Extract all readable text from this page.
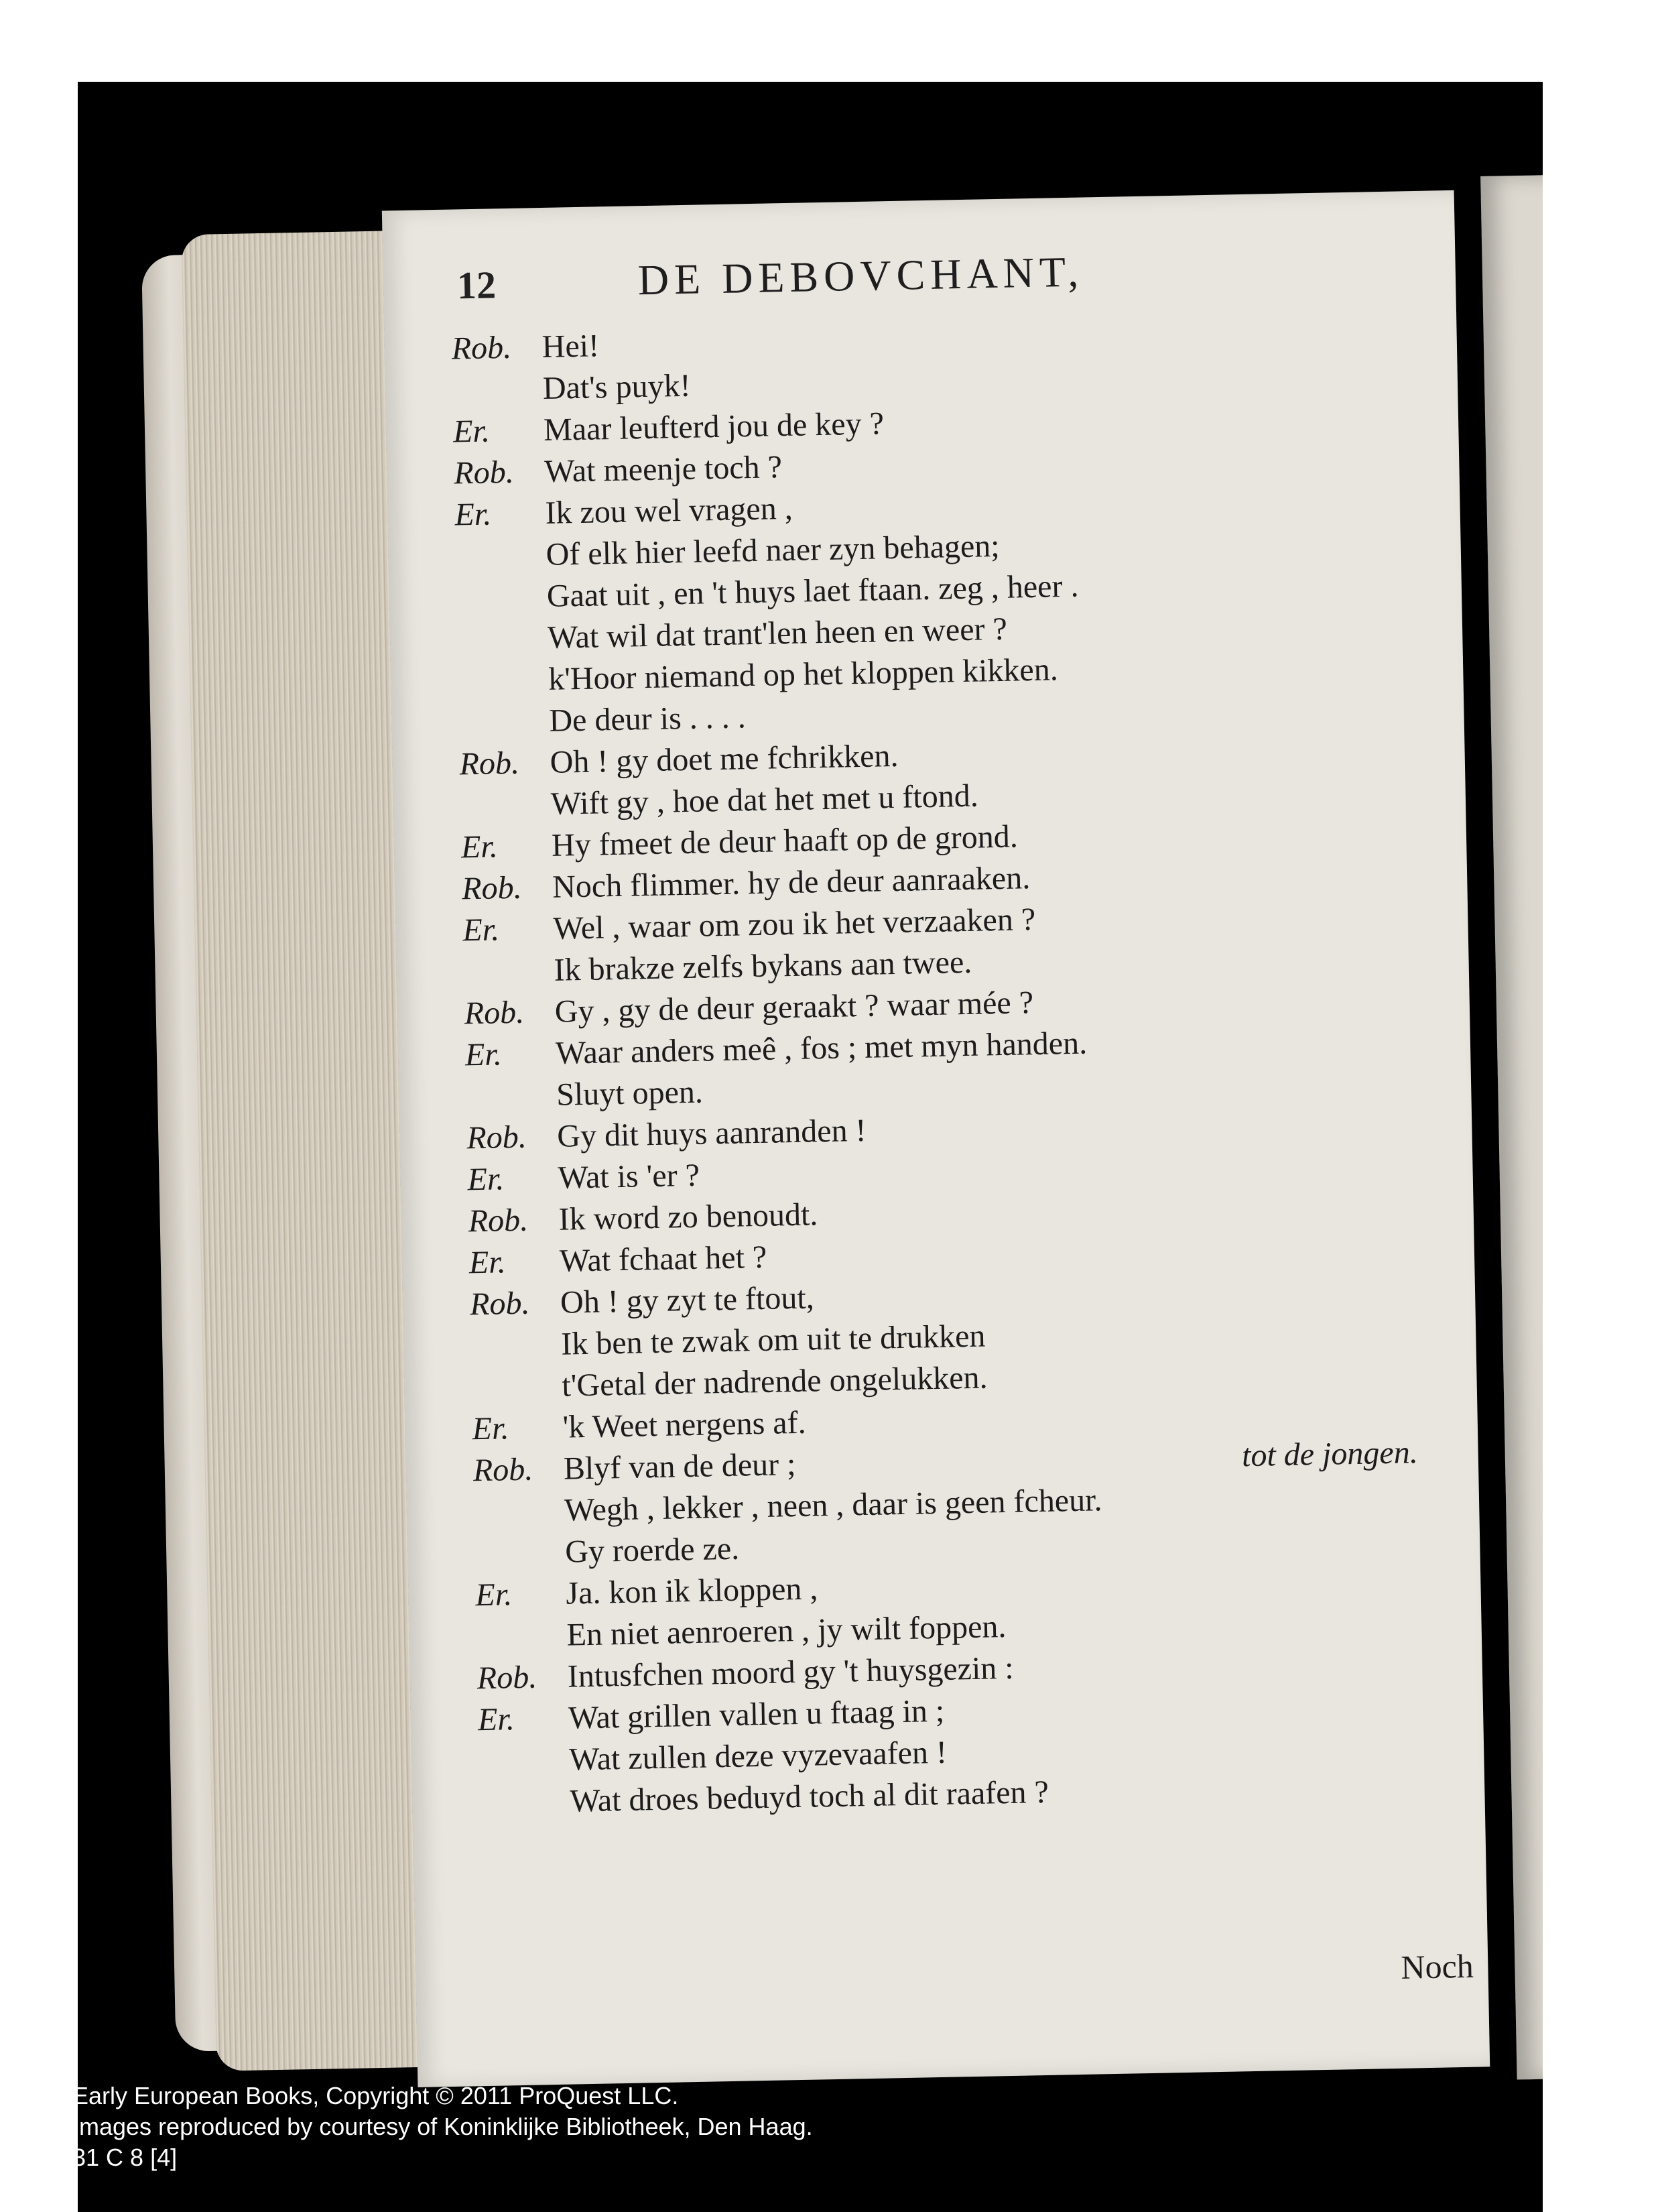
12	DE DEBOVCHANT,
Rob. Hei!
Dat's puyk!
Er.	Maar leufterd jou de key ?
Rob. Wat meenje toch ?
Er.	Ik zou wel vragen ,
Of elk hier leefd naer zyn behagen;
Gaat uit , en 't huys laet ftaan. zeg , heer .
Wat wil dat trant'len heen en weer ?
k'Hoor niemand op het kloppen kikken.
De deur is . . . .
Rob. Oh ! gy doet me fchrikken.
Wift gy , hoe dat het met u ftond.
Er.	Hy fmeet de deur haaft op de grond.
Rob. Noch flimmer. hy de deur aanraaken.
Er.	Wel , waar om zou ik het verzaaken ?
Ik brakze zelfs bykans aan twee.
Rob. Gy , gy de deur geraakt ? waar mée ?
Er.	Waar anders meê , fos ; met myn handen.
Sluyt open.
Rob. Gy dit huys aanranden !
Er.	Wat is 'er ?
Rob. Ik word zo benoudt.
Er.	Wat fchaat het ?
Rob. Oh ! gy zyt te ftout,
Ik ben te zwak om uit te drukken
t'Getal der nadrende ongelukken.
Er.	'k Weet nergens af.
Rob. Blyf van de deur ;	tot de jongen.
Wegh , lekker , neen , daar is geen fcheur.
Gy roerde ze.
Er.	Ja. kon ik kloppen ,
En niet aenroeren , jy wilt foppen.
Rob. Intusfchen moord gy 't huysgezin :
Er.	Wat grillen vallen u ftaag in ;
Wat zullen deze vyzevaafen !
Wat droes beduyd toch al dit raafen ?
Noch
Early European Books, Copyright © 2011 ProQuest LLC.
Images reproduced by courtesy of Koninklijke Bibliotheek, Den Haag.
31 C 8 [4]
